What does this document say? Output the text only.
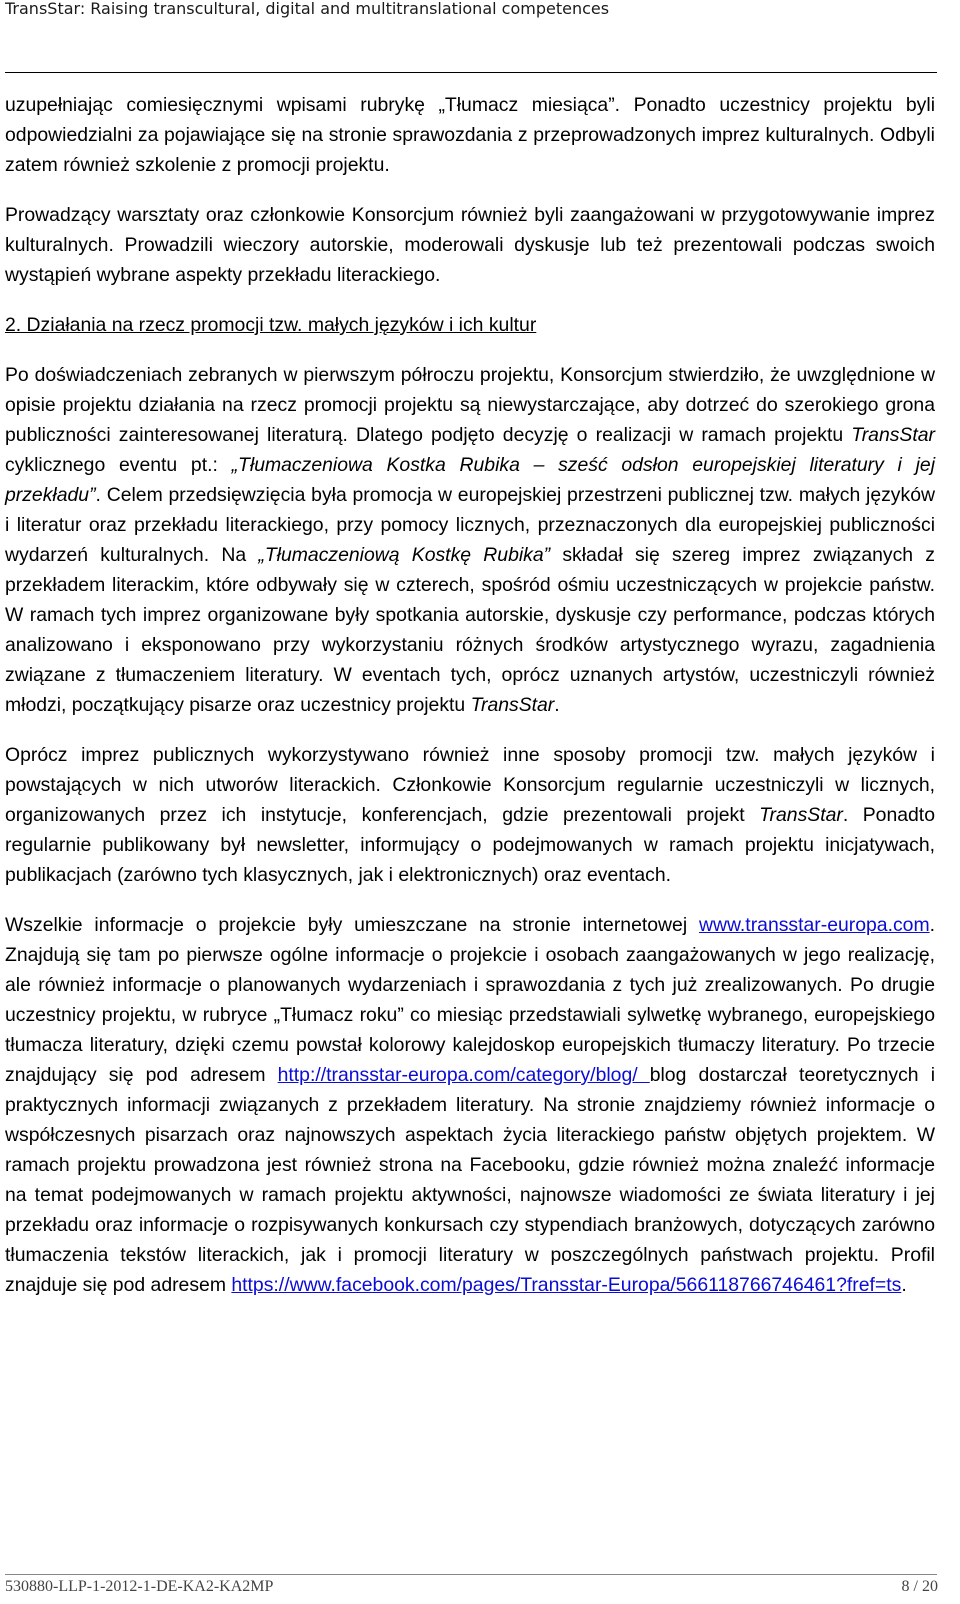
TransStar: Raising transcultural, digital and multitranslational competences

uzupełniając comiesięcznymi wpisami rubrykę „Tłumacz miesiąca”. Ponadto uczestnicy projektu byli odpowiedzialni za pojawiające się na stronie sprawozdania z przeprowadzonych imprez kulturalnych. Odbyli zatem również szkolenie z promocji projektu.

Prowadzący warsztaty oraz członkowie Konsorcjum również byli zaangażowani w przygotowywanie imprez kulturalnych. Prowadzili wieczory autorskie, moderowali dyskusje lub też prezentowali podczas swoich wystąpień wybrane aspekty przekładu literackiego.

2. Działania na rzecz promocji tzw. małych języków i ich kultur

Po doświadczeniach zebranych w pierwszym półroczu projektu, Konsorcjum stwierdziło, że uwzględnione w opisie projektu działania na rzecz promocji projektu są niewystarczające, aby dotrzeć do szerokiego grona publiczności zainteresowanej literaturą. Dlatego podjęto decyzję o realizacji w ramach projektu TransStar cyklicznego eventu pt.: „Tłumaczeniowa Kostka Rubika – sześć odsłon europejskiej literatury i jej przekładu”. Celem przedsięwzięcia była promocja w europejskiej przestrzeni publicznej tzw. małych języków i literatur oraz przekładu literackiego, przy pomocy licznych, przeznaczonych dla europejskiej publiczności wydarzeń kulturalnych. Na „Tłumaczeniową Kostkę Rubika” składał się szereg imprez związanych z przekładem literackim, które odbywały się w czterech, spośród ośmiu uczestniczących w projekcie państw. W ramach tych imprez organizowane były spotkania autorskie, dyskusje czy performance, podczas których analizowano i eksponowano przy wykorzystaniu różnych środków artystycznego wyrazu, zagadnienia związane z tłumaczeniem literatury. W eventach tych, oprócz uznanych artystów, uczestniczyli również młodzi, początkujący pisarze oraz uczestnicy projektu TransStar.

Oprócz imprez publicznych wykorzystywano również inne sposoby promocji tzw. małych języków i powstających w nich utworów literackich. Członkowie Konsorcjum regularnie uczestniczyli w licznych, organizowanych przez ich instytucje, konferencjach, gdzie prezentowali projekt TransStar. Ponadto regularnie publikowany był newsletter, informujący o podejmowanych w ramach projektu inicjatywach, publikacjach (zarówno tych klasycznych, jak i elektronicznych) oraz eventach.

Wszelkie informacje o projekcie były umieszczane na stronie internetowej www.transstar-europa.com. Znajdują się tam po pierwsze ogólne informacje o projekcie i osobach zaangażowanych w jego realizację, ale również informacje o planowanych wydarzeniach i sprawozdania z tych już zrealizowanych. Po drugie uczestnicy projektu, w rubryce „Tłumacz roku” co miesiąc przedstawiali sylwetkę wybranego, europejskiego tłumacza literatury, dzięki czemu powstał kolorowy kalejdoskop europejskich tłumaczy literatury. Po trzecie znajdujący się pod adresem http://transstar-europa.com/category/blog/ blog dostarczał teoretycznych i praktycznych informacji związanych z przekładem literatury. Na stronie znajdziemy również informacje o współczesnych pisarzach oraz najnowszych aspektach życia literackiego państw objętych projektem. W ramach projektu prowadzona jest również strona na Facebooku, gdzie również można znaleźć informacje na temat podejmowanych w ramach projektu aktywności, najnowsze wiadomości ze świata literatury i jej przekładu oraz informacje o rozpisywanych konkursach czy stypendiach branżowych, dotyczących zarówno tłumaczenia tekstów literackich, jak i promocji literatury w poszczególnych państwach projektu. Profil znajduje się pod adresem https://www.facebook.com/pages/Transstar-Europa/566118766746461?fref=ts.

530880-LLP-1-2012-1-DE-KA2-KA2MP	8 / 20
